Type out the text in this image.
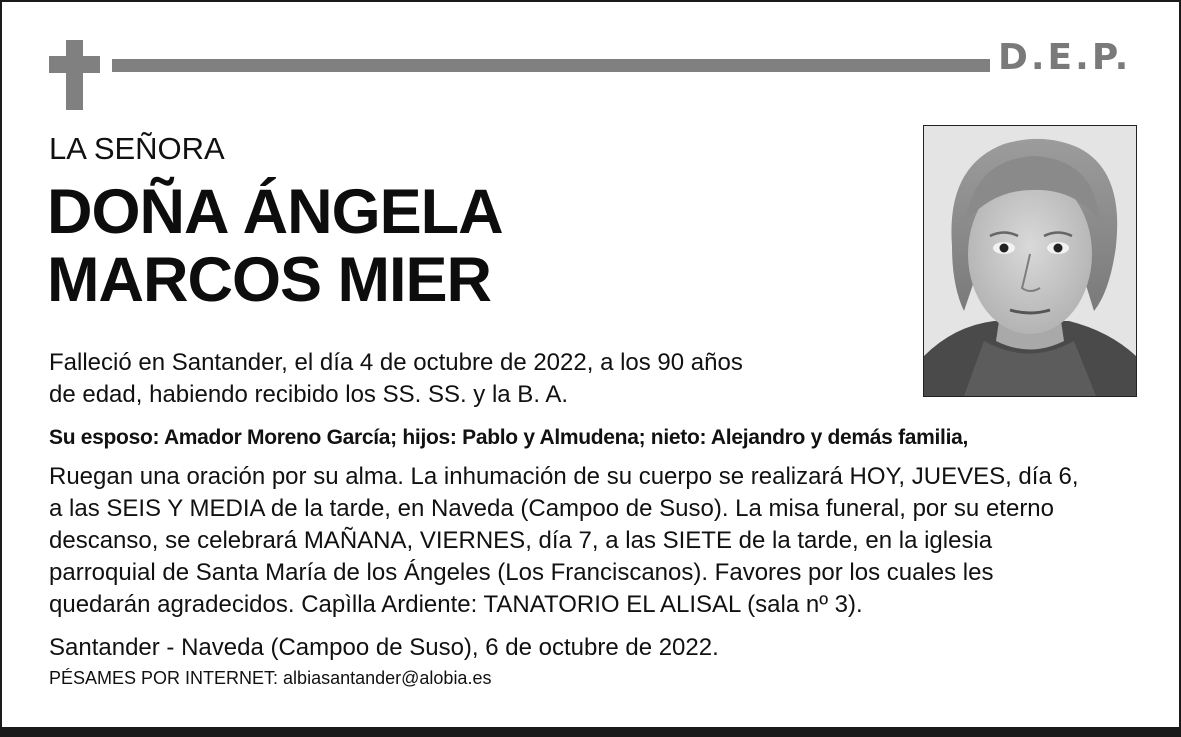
D.E.P.
LA SEÑORA
DOÑA ÁNGELA
MARCOS MIER
Falleció en Santander, el día 4 de octubre de 2022, a los 90 años
de edad, habiendo recibido los SS. SS. y la B. A.
Su esposo: Amador Moreno García; hijos: Pablo y Almudena; nieto: Alejandro y demás familia,
Ruegan una oración por su alma. La inhumación de su cuerpo se realizará HOY, JUEVES, día 6,
a las SEIS Y MEDIA de la tarde, en Naveda (Campoo de Suso). La misa funeral, por su eterno
descanso, se celebrará MAÑANA, VIERNES, día 7, a las SIETE de la tarde, en la iglesia
parroquial de Santa María de los Ángeles (Los Franciscanos). Favores por los cuales les
quedarán agradecidos. Capìlla Ardiente: TANATORIO EL ALISAL (sala nº 3).
Santander - Naveda (Campoo de Suso), 6 de octubre de 2022.
PÉSAMES POR INTERNET: albiasantander@alobia.es
